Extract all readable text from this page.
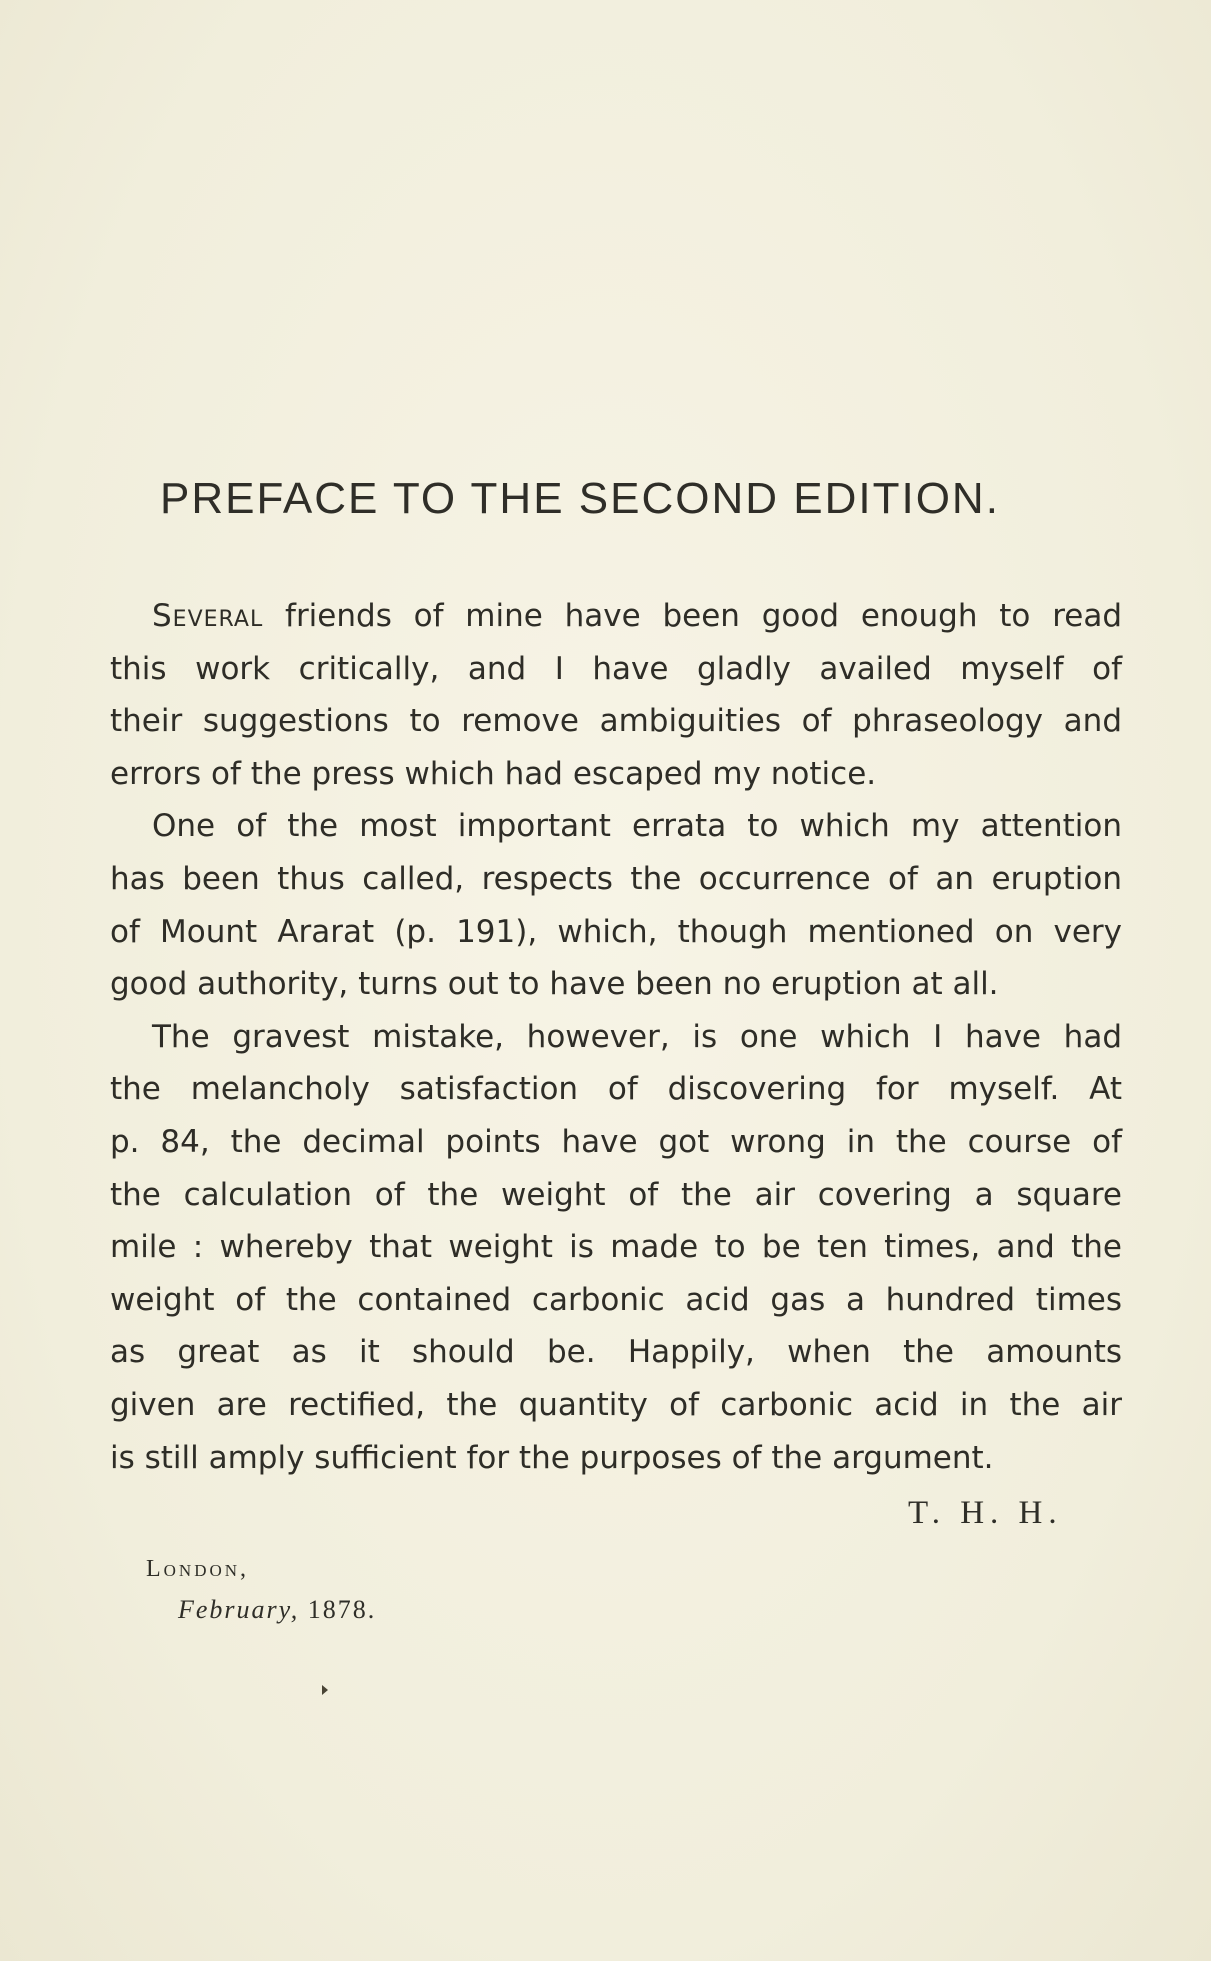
PREFACE TO THE SECOND EDITION.
Several friends of mine have been good enough to read
this work critically, and I have gladly availed myself of
their suggestions to remove ambiguities of phraseology and
errors of the press which had escaped my notice.
One of the most important errata to which my attention
has been thus called, respects the occurrence of an eruption
of Mount Ararat (p. 191), which, though mentioned on very
good authority, turns out to have been no eruption at all.
The gravest mistake, however, is one which I have had
the melancholy satisfaction of discovering for myself. At
p. 84, the decimal points have got wrong in the course of
the calculation of the weight of the air covering a square
mile : whereby that weight is made to be ten times, and the
weight of the contained carbonic acid gas a hundred times
as great as it should be. Happily, when the amounts
given are rectified, the quantity of carbonic acid in the air
is still amply sufficient for the purposes of the argument.
T. H. H.
London,
February, 1878.
